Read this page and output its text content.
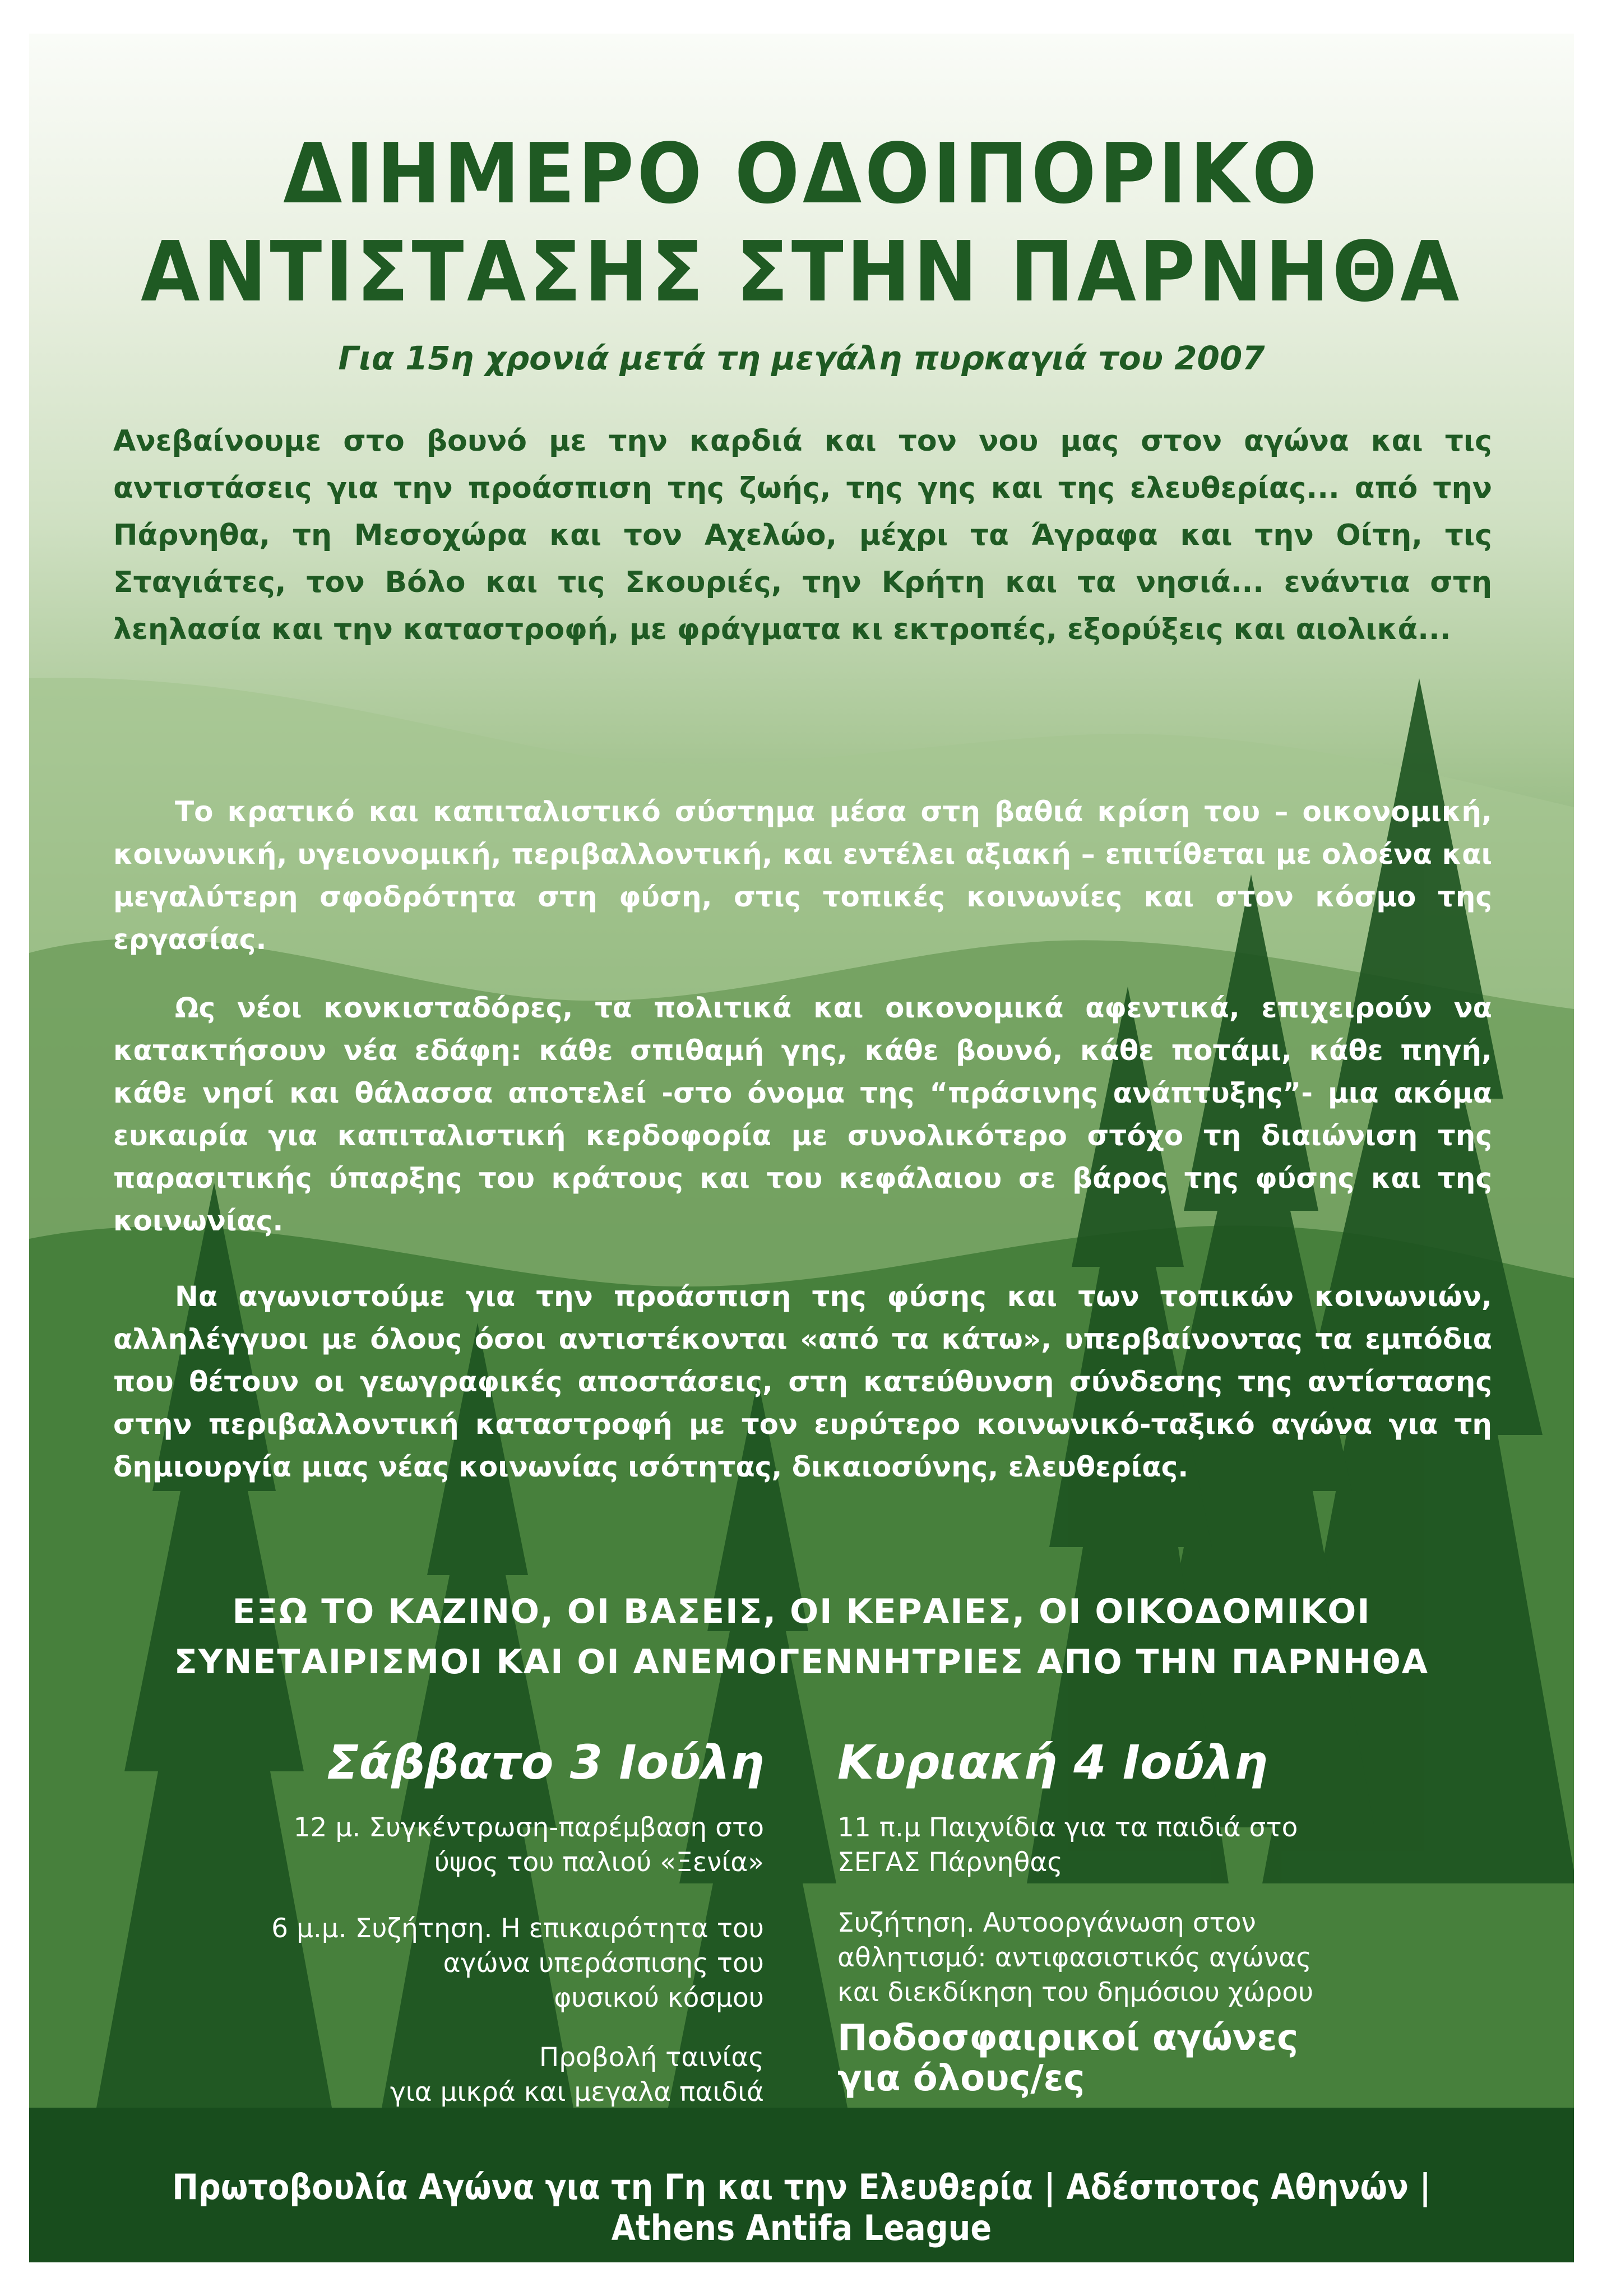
ΔΙΗΜΕΡΟ ΟΔΟΙΠΟΡΙΚΟ
ΑΝΤΙΣΤΑΣΗΣ ΣΤΗΝ ΠΑΡΝΗΘΑ
Για 15η χρονιά μετά τη μεγάλη πυρκαγιά του 2007
Ανεβαίνουμε στο βουνό με την καρδιά και τον νου μας στον αγώνα και τις αντιστάσεις για την προάσπιση της ζωής, της γης και της ελευθερίας... από την Πάρνηθα, τη Μεσοχώρα και τον Αχελώο, μέχρι τα Άγραφα και την Οίτη, τις Σταγιάτες, τον Βόλο και τις Σκουριές, την Κρήτη και τα νησιά... ενάντια στη λεηλασία και την καταστροφή, με φράγματα κι εκτροπές, εξορύξεις και αιολικά...
Το κρατικό και καπιταλιστικό σύστημα μέσα στη βαθιά κρίση του – οικονομική, κοινωνική, υγειονομική, περιβαλλοντική, και εντέλει αξιακή – επιτίθεται με ολοένα και μεγαλύτερη σφοδρότητα στη φύση, στις τοπικές κοινωνίες και στον κόσμο της εργασίας.
Ως νέοι κονκισταδόρες, τα πολιτικά και οικονομικά αφεντικά, επιχειρούν να κατακτήσουν νέα εδάφη: κάθε σπιθαμή γης, κάθε βουνό, κάθε ποτάμι, κάθε πηγή, κάθε νησί και θάλασσα αποτελεί -στο όνομα της “πράσινης ανάπτυξης”- μια ακόμα ευκαιρία για καπιταλιστική κερδοφορία με συνολικότερο στόχο τη διαιώνιση της παρασιτικής ύπαρξης του κράτους και του κεφάλαιου σε βάρος της φύσης και της κοινωνίας.
Να αγωνιστούμε για την προάσπιση της φύσης και των τοπικών κοινωνιών, αλληλέγγυοι με όλους όσοι αντιστέκονται «από τα κάτω», υπερβαίνοντας τα εμπόδια που θέτουν οι γεωγραφικές αποστάσεις, στη κατεύθυνση σύνδεσης της αντίστασης στην περιβαλλοντική καταστροφή με τον ευρύτερο κοινωνικό-ταξικό αγώνα για τη δημιουργία μιας νέας κοινωνίας ισότητας, δικαιοσύνης, ελευθερίας.
ΕΞΩ ΤΟ ΚΑΖΙΝΟ, ΟΙ ΒΑΣΕΙΣ, ΟΙ ΚΕΡΑΙΕΣ, ΟΙ ΟΙΚΟΔΟΜΙΚΟΙ
ΣΥΝΕΤΑΙΡΙΣΜΟΙ ΚΑΙ ΟΙ ΑΝΕΜΟΓΕΝΝΗΤΡΙΕΣ ΑΠΟ ΤΗΝ ΠΑΡΝΗΘΑ
Σάββατο 3 Ιούλη Κυριακή 4 Ιούλη
12 μ. Συγκέντρωση-παρέμβαση στο
ύψος του παλιού «Ξενία»
6 μ.μ. Συζήτηση. Η επικαιρότητα του
αγώνα υπεράσπισης του
φυσικού κόσμου
Προβολή ταινίας
για μικρά και μεγαλα παιδιά
11 π.μ Παιχνίδια για τα παιδιά στο
ΣΕΓΑΣ Πάρνηθας
Συζήτηση. Αυτοοργάνωση στον
αθλητισμό: αντιφασιστικός αγώνας
και διεκδίκηση του δημόσιου χώρου
Ποδοσφαιρικοί αγώνες
για όλους/ες
Πρωτοβουλία Αγώνα για τη Γη και την Ελευθερία | Αδέσποτος Αθηνών | Athens Antifa League
